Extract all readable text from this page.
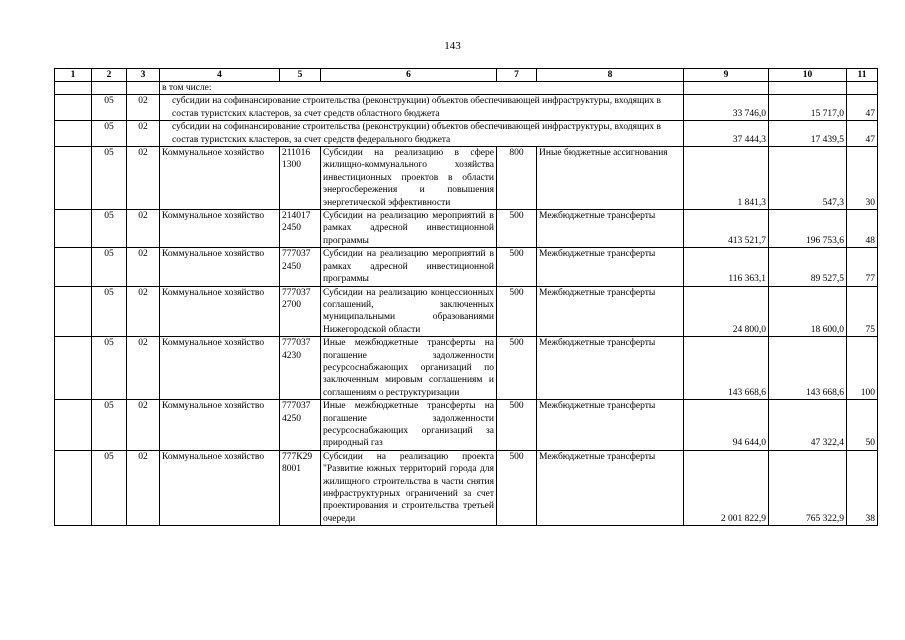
143
1	2	3	4	5	6	7	8	9	10	11
			в том числе:							
	05	02	субсидии на софинансирование строительства (реконструкции) объектов обеспечивающей инфраструктуры, входящих в состав туристских кластеров, за счет средств областного бюджета					33 746,0	15 717,0	47
	05	02	субсидии на софинансирование строительства (реконструкции) объектов обеспечивающей инфраструктуры, входящих в состав туристских кластеров, за счет средств федерального бюджета					37 444,3	17 439,5	47
	05	02	Коммунальное хозяйство	211016 1300	Субсидии на реализацию в сфере жилищно-коммунального хозяйства инвестиционных проектов в области энергосбережения и повышения энергетической эффективности	800	Иные бюджетные ассигнования	1 841,3	547,3	30
	05	02	Коммунальное хозяйство	214017 2450	Субсидии на реализацию мероприятий в рамках адресной инвестиционной программы	500	Межбюджетные трансферты	413 521,7	196 753,6	48
	05	02	Коммунальное хозяйство	777037 2450	Субсидии на реализацию мероприятий в рамках адресной инвестиционной программы	500	Межбюджетные трансферты	116 363,1	89 527,5	77
	05	02	Коммунальное хозяйство	777037 2700	Субсидии на реализацию концессионных соглашений, заключенных муниципальными образованиями Нижегородской области	500	Межбюджетные трансферты	24 800,0	18 600,0	75
	05	02	Коммунальное хозяйство	777037 4230	Иные межбюджетные трансферты на погашение задолженности ресурсоснабжающих организаций по заключенным мировым соглашениям и соглашениям о реструктуризации	500	Межбюджетные трансферты	143 668,6	143 668,6	100
	05	02	Коммунальное хозяйство	777037 4250	Иные межбюджетные трансферты на погашение задолженности ресурсоснабжающих организаций за природный газ	500	Межбюджетные трансферты	94 644,0	47 322,4	50
	05	02	Коммунальное хозяйство	777К29 8001	Субсидии на реализацию проекта "Развитие южных территорий города для жилищного строительства в части снятия инфраструктурных ограничений за счет проектирования и строительства третьей очереди	500	Межбюджетные трансферты	2 001 822,9	765 322,9	38
